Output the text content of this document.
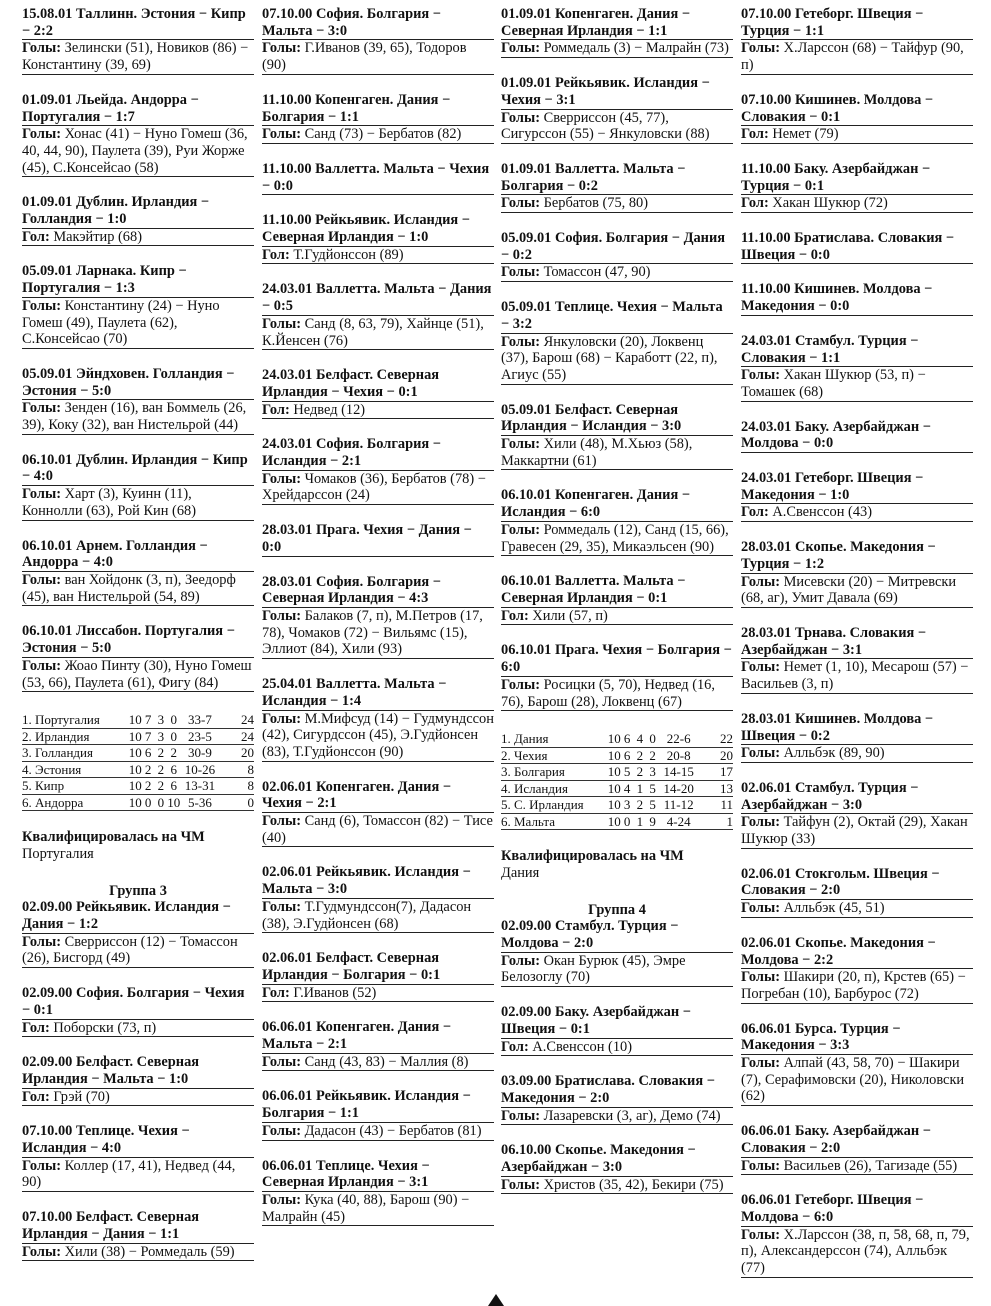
15.08.01 Таллинн. Эстония − Кипр − 2:2
Голы: Зелински (51), Новиков (86) − Константину (39, 69)
01.09.01 Льейда. Андорра − Португалия − 1:7
Голы: Хонас (41) − Нуно Гомеш (36, 40, 44, 90), Паулета (39), Руи Жорже (45), С.Консейсао (58)
01.09.01 Дублин. Ирландия − Голландия − 1:0
Гол: Макэйтир (68)
05.09.01 Ларнака. Кипр − Португалия − 1:3
Голы: Константину (24) − Нуно Гомеш (49), Паулета (62), С.Консейсао (70)
05.09.01 Эйндховен. Голландия − Эстония − 5:0
Голы: Зенден (16), ван Боммель (26, 39), Коку (32), ван Нистельрой (44)
06.10.01 Дублин. Ирландия − Кипр − 4:0
Голы: Харт (3), Куинн (11), Коннолли (63), Рой Кин (68)
06.10.01 Арнем. Голландия − Андорра − 4:0
Голы: ван Хойдонк (3, п), Зеедорф (45), ван Нистельрой (54, 89)
06.10.01 Лиссабон. Португалия − Эстония − 5:0
Голы: Жоао Пинту (30), Нуно Гомеш (53, 66), Паулета (61), Фигу (84)
1. Португалия	10	7	3	0	33-7	24
2. Ирландия	10	7	3	0	23-5	24
3. Голландия	10	6	2	2	30-9	20
4. Эстония	10	2	2	6	10-26	8
5. Кипр	10	2	2	6	13-31	8
6. Андорра	10	0	0	10	5-36	0
Квалифицировалась на ЧМ
Португалия
Группа 3
02.09.00 Рейкьявик. Исландия − Дания − 1:2
Голы: Сверриссон (12) − Томассон (26), Бисгорд (49)
02.09.00 София. Болгария − Чехия − 0:1
Гол: Поборски (73, п)
02.09.00 Белфаст. Северная Ирландия − Мальта − 1:0
Гол: Грэй (70)
07.10.00 Теплице. Чехия − Исландия − 4:0
Голы: Коллер (17, 41), Недвед (44, 90)
07.10.00 Белфаст. Северная Ирландия − Дания − 1:1
Голы: Хили (38) − Роммедаль (59)
07.10.00 София. Болгария − Мальта − 3:0
Голы: Г.Иванов (39, 65), Тодоров (90)
11.10.00 Копенгаген. Дания − Болгария − 1:1
Голы: Санд (73) − Бербатов (82)
11.10.00 Валлетта. Мальта − Чехия − 0:0
11.10.00 Рейкьявик. Исландия − Северная Ирландия − 1:0
Гол: Т.Гудйонссон (89)
24.03.01 Валлетта. Мальта − Дания − 0:5
Голы: Санд (8, 63, 79), Хайнце (51), К.Йенсен (76)
24.03.01 Белфаст. Северная Ирландия − Чехия − 0:1
Гол: Недвед (12)
24.03.01 София. Болгария − Исландия − 2:1
Голы: Чомаков (36), Бербатов (78) − Хрейдарссон (24)
28.03.01 Прага. Чехия − Дания − 0:0
28.03.01 София. Болгария − Северная Ирландия − 4:3
Голы: Балаков (7, п), М.Петров (17, 78), Чомаков (72) − Вильямс (15), Эллиот (84), Хили (93)
25.04.01 Валлетта. Мальта − Исландия − 1:4
Голы: М.Мифсуд (14) − Гудмундссон (42), Сигурдссон (45), Э.Гудйонсен (83), Т.Гудйонссон (90)
02.06.01 Копенгаген. Дания − Чехия − 2:1
Голы: Санд (6), Томассон (82) − Тисе (40)
02.06.01 Рейкьявик. Исландия − Мальта − 3:0
Голы: Т.Гудмундссон(7), Дадасон (38), Э.Гудйонсен (68)
02.06.01 Белфаст. Северная Ирландия − Болгария − 0:1
Гол: Г.Иванов (52)
06.06.01 Копенгаген. Дания − Мальта − 2:1
Голы: Санд (43, 83) − Маллия (8)
06.06.01 Рейкьявик. Исландия − Болгария − 1:1
Голы: Дадасон (43) − Бербатов (81)
06.06.01 Теплице. Чехия − Северная Ирландия − 3:1
Голы: Кука (40, 88), Барош (90) − Малрайн (45)
01.09.01 Копенгаген. Дания − Северная Ирландия − 1:1
Голы: Роммедаль (3) − Малрайн (73)
01.09.01 Рейкьявик. Исландия − Чехия − 3:1
Голы: Сверриссон (45, 77), Сигурссон (55) − Янкуловски (88)
01.09.01 Валлетта. Мальта − Болгария − 0:2
Голы: Бербатов (75, 80)
05.09.01 София. Болгария − Дания − 0:2
Голы: Томассон (47, 90)
05.09.01 Теплице. Чехия − Мальта − 3:2
Голы: Янкуловски (20), Локвенц (37), Барош (68) − Каработт (22, п), Агиус (55)
05.09.01 Белфаст. Северная Ирландия − Исландия − 3:0
Голы: Хили (48), М.Хьюз (58), Маккартни (61)
06.10.01 Копенгаген. Дания − Исландия − 6:0
Голы: Роммедаль (12), Санд (15, 66), Гравесен (29, 35), Микаэльсен (90)
06.10.01 Валлетта. Мальта − Северная Ирландия − 0:1
Гол: Хили (57, п)
06.10.01 Прага. Чехия − Болгария − 6:0
Голы: Росицки (5, 70), Недвед (16, 76), Барош (28), Локвенц (67)
1. Дания	10	6	4	0	22-6	22
2. Чехия	10	6	2	2	20-8	20
3. Болгария	10	5	2	3	14-15	17
4. Исландия	10	4	1	5	14-20	13
5. С. Ирландия	10	3	2	5	11-12	11
6. Мальта	10	0	1	9	4-24	1
Квалифицировалась на ЧМ
Дания
Группа 4
02.09.00 Стамбул. Турция − Молдова − 2:0
Голы: Окан Бурюк (45), Эмре Белозоглу (70)
02.09.00 Баку. Азербайджан − Швеция − 0:1
Гол: А.Свенссон (10)
03.09.00 Братислава. Словакия − Македония − 2:0
Голы: Лазаревски (3, аг), Демо (74)
06.10.00 Скопье. Македония − Азербайджан − 3:0
Голы: Христов (35, 42), Бекири (75)
07.10.00 Гетеборг. Швеция − Турция − 1:1
Голы: Х.Ларссон (68) − Тайфур (90, п)
07.10.00 Кишинев. Молдова − Словакия − 0:1
Гол: Немет (79)
11.10.00 Баку. Азербайджан − Турция − 0:1
Гол: Хакан Шукюр (72)
11.10.00 Братислава. Словакия − Швеция − 0:0
11.10.00 Кишинев. Молдова − Македония − 0:0
24.03.01 Стамбул. Турция − Словакия − 1:1
Голы: Хакан Шукюр (53, п) − Томашек (68)
24.03.01 Баку. Азербайджан − Молдова − 0:0
24.03.01 Гетеборг. Швеция − Македония − 1:0
Гол: А.Свенссон (43)
28.03.01 Скопье. Македония − Турция − 1:2
Голы: Мисевски (20) − Митревски (68, аг), Умит Давала (69)
28.03.01 Трнава. Словакия − Азербайджан − 3:1
Голы: Немет (1, 10), Месарош (57) − Васильев (3, п)
28.03.01 Кишинев. Молдова − Швеция − 0:2
Голы: Алльбэк (89, 90)
02.06.01 Стамбул. Турция − Азербайджан − 3:0
Голы: Тайфун (2), Октай (29), Хакан Шукюр (33)
02.06.01 Стокгольм. Швеция − Словакия − 2:0
Голы: Алльбэк (45, 51)
02.06.01 Скопье. Македония − Молдова − 2:2
Голы: Шакири (20, п), Крстев (65) − Погребан (10), Барбурос (72)
06.06.01 Бурса. Турция − Македония − 3:3
Голы: Алпай (43, 58, 70) − Шакири (7), Серафимовски (20), Николовски (62)
06.06.01 Баку. Азербайджан − Словакия − 2:0
Голы: Васильев (26), Тагизаде (55)
06.06.01 Гетеборг. Швеция − Молдова − 6:0
Голы: Х.Ларссон (38, п, 58, 68, п, 79, п), Александерссон (74), Алльбэк (77)
